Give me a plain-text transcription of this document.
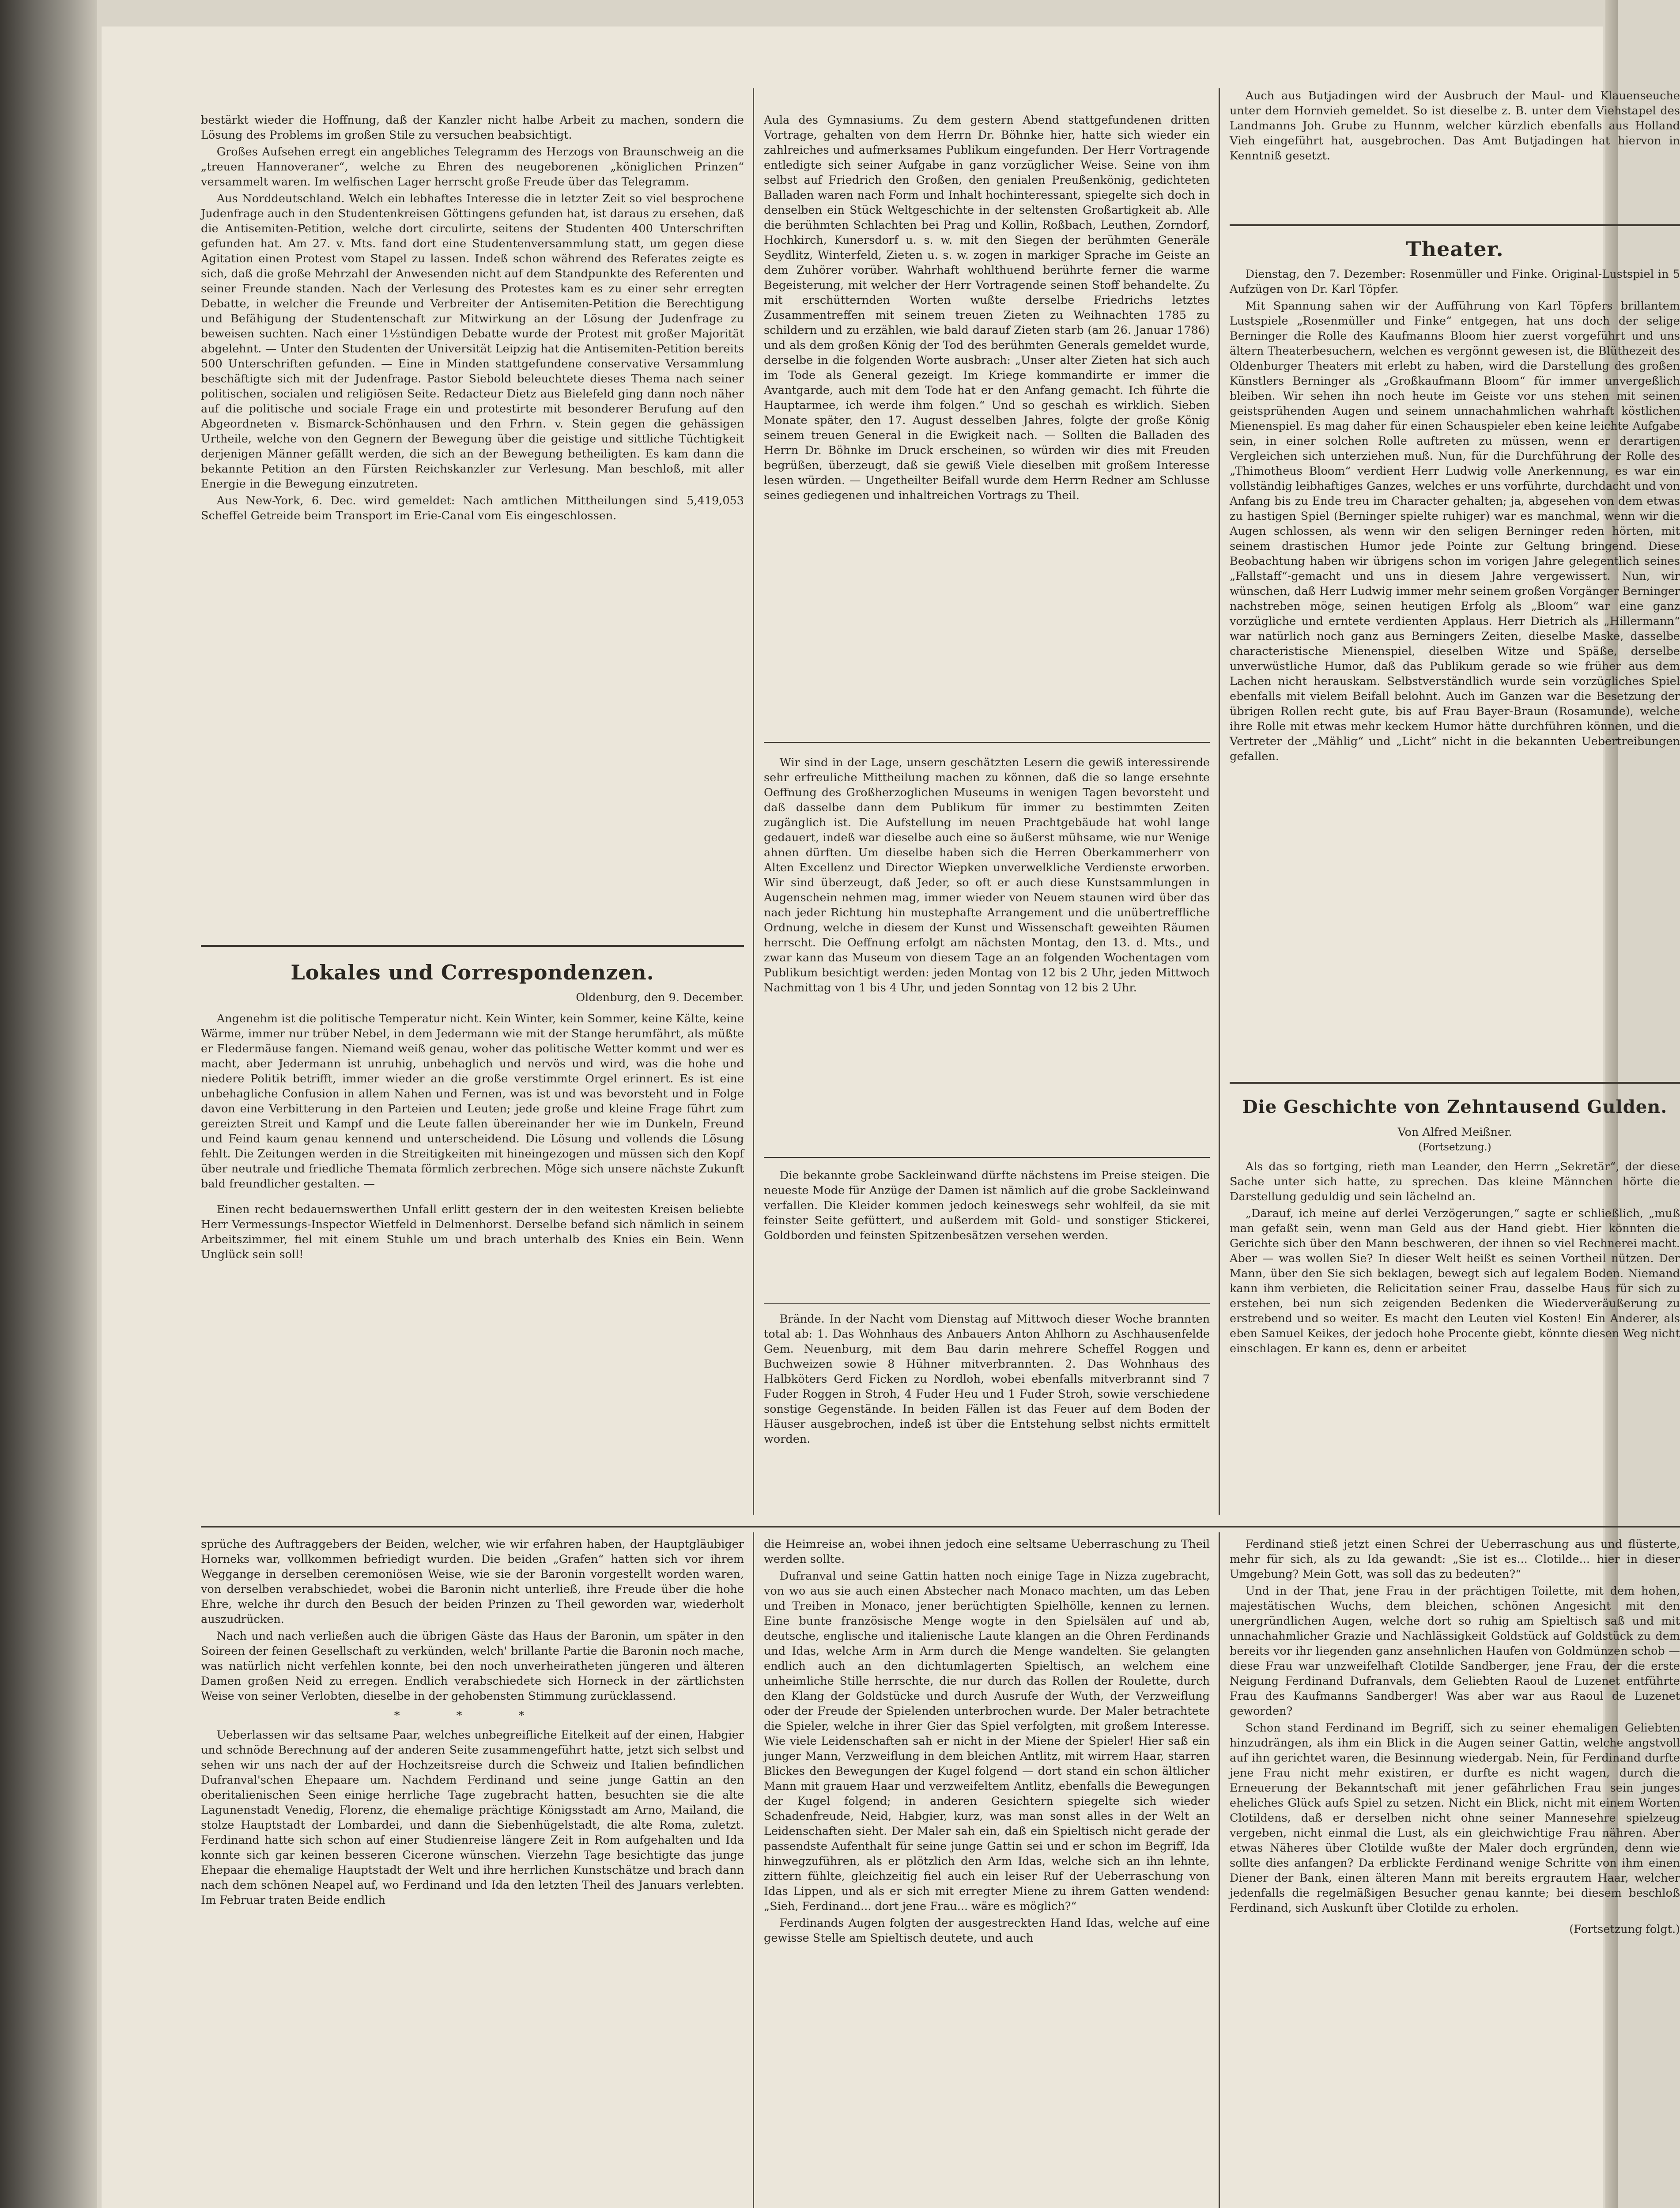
bestärkt wieder die Hoffnung, daß der Kanzler nicht halbe Arbeit zu machen, sondern die Lösung des Problems im großen Stile zu versuchen beabsichtigt.

Großes Aufsehen erregt ein angebliches Telegramm des Herzogs von Braunschweig an die „treuen Hannoveraner“, welche zu Ehren des neugeborenen „königlichen Prinzen“ versammelt waren. Im welfischen Lager herrscht große Freude über das Telegramm.

Aus Norddeutschland. Welch ein lebhaftes Interesse die in letzter Zeit so viel besprochene Judenfrage auch in den Studentenkreisen Göttingens gefunden hat, ist daraus zu ersehen, daß die Antisemiten-Petition, welche dort circulirte, seitens der Studenten 400 Unterschriften gefunden hat. Am 27. v. Mts. fand dort eine Studentenversammlung statt, um gegen diese Agitation einen Protest vom Stapel zu lassen. Indeß schon während des Referates zeigte es sich, daß die große Mehrzahl der Anwesenden nicht auf dem Standpunkte des Referenten und seiner Freunde standen. Nach der Verlesung des Protestes kam es zu einer sehr erregten Debatte, in welcher die Freunde und Verbreiter der Antisemiten-Petition die Berechtigung und Befähigung der Studentenschaft zur Mitwirkung an der Lösung der Judenfrage zu beweisen suchten. Nach einer 1½stündigen Debatte wurde der Protest mit großer Majorität abgelehnt. — Unter den Studenten der Universität Leipzig hat die Antisemiten-Petition bereits 500 Unterschriften gefunden. — Eine in Minden stattgefundene conservative Versammlung beschäftigte sich mit der Judenfrage. Pastor Siebold beleuchtete dieses Thema nach seiner politischen, socialen und religiösen Seite. Redacteur Dietz aus Bielefeld ging dann noch näher auf die politische und sociale Frage ein und protestirte mit besonderer Berufung auf den Abgeordneten v. Bismarck-Schönhausen und den Frhrn. v. Stein gegen die gehässigen Urtheile, welche von den Gegnern der Bewegung über die geistige und sittliche Tüchtigkeit derjenigen Männer gefällt werden, die sich an der Bewegung betheiligten. Es kam dann die bekannte Petition an den Fürsten Reichskanzler zur Verlesung. Man beschloß, mit aller Energie in die Bewegung einzutreten.

Aus New-York, 6. Dec. wird gemeldet: Nach amtlichen Mittheilungen sind 5,419,053 Scheffel Getreide beim Transport im Erie-Canal vom Eis eingeschlossen.

Lokales und Correspondenzen.
Oldenburg, den 9. December.

Angenehm ist die politische Temperatur nicht. Kein Winter, kein Sommer, keine Kälte, keine Wärme, immer nur trüber Nebel, in dem Jedermann wie mit der Stange herumfährt, als müßte er Fledermäuse fangen. Niemand weiß genau, woher das politische Wetter kommt und wer es macht, aber Jedermann ist unruhig, unbehaglich und nervös und wird, was die hohe und niedere Politik betrifft, immer wieder an die große verstimmte Orgel erinnert. Es ist eine unbehagliche Confusion in allem Nahen und Fernen, was ist und was bevorsteht und in Folge davon eine Verbitterung in den Parteien und Leuten; jede große und kleine Frage führt zum gereizten Streit und Kampf und die Leute fallen übereinander her wie im Dunkeln, Freund und Feind kaum genau kennend und unterscheidend. Die Lösung und vollends die Lösung fehlt. Die Zeitungen werden in die Streitigkeiten mit hineingezogen und müssen sich den Kopf über neutrale und friedliche Themata förmlich zerbrechen. Möge sich unsere nächste Zukunft bald freundlicher gestalten. —

Einen recht bedauernswerthen Unfall erlitt gestern der in den weitesten Kreisen beliebte Herr Vermessungs-Inspector Wietfeld in Delmenhorst. Derselbe befand sich nämlich in seinem Arbeitszimmer, fiel mit einem Stuhle um und brach unterhalb des Knies ein Bein. Wenn Unglück sein soll!

Aula des Gymnasiums. Zu dem gestern Abend stattgefundenen dritten Vortrage, gehalten von dem Herrn Dr. Böhnke hier, hatte sich wieder ein zahlreiches und aufmerksames Publikum eingefunden. Der Herr Vortragende entledigte sich seiner Aufgabe in ganz vorzüglicher Weise. Seine von ihm selbst auf Friedrich den Großen, den genialen Preußenkönig, gedichteten Balladen waren nach Form und Inhalt hochinteressant, spiegelte sich doch in denselben ein Stück Weltgeschichte in der seltensten Großartigkeit ab. Alle die berühmten Schlachten bei Prag und Kollin, Roßbach, Leuthen, Zorndorf, Hochkirch, Kunersdorf u. s. w. mit den Siegen der berühmten Generäle Seydlitz, Winterfeld, Zieten u. s. w. zogen in markiger Sprache im Geiste an dem Zuhörer vorüber. Wahrhaft wohlthuend berührte ferner die warme Begeisterung, mit welcher der Herr Vortragende seinen Stoff behandelte. Zu mit erschütternden Worten wußte derselbe Friedrichs letztes Zusammentreffen mit seinem treuen Zieten zu Weihnachten 1785 zu schildern und zu erzählen, wie bald darauf Zieten starb (am 26. Januar 1786) und als dem großen König der Tod des berühmten Generals gemeldet wurde, derselbe in die folgenden Worte ausbrach: „Unser alter Zieten hat sich auch im Tode als General gezeigt. Im Kriege kommandirte er immer die Avantgarde, auch mit dem Tode hat er den Anfang gemacht. Ich führte die Hauptarmee, ich werde ihm folgen.“ Und so geschah es wirklich. Sieben Monate später, den 17. August desselben Jahres, folgte der große König seinem treuen General in die Ewigkeit nach. — Sollten die Balladen des Herrn Dr. Böhnke im Druck erscheinen, so würden wir dies mit Freuden begrüßen, überzeugt, daß sie gewiß Viele dieselben mit großem Interesse lesen würden. — Ungetheilter Beifall wurde dem Herrn Redner am Schlusse seines gediegenen und inhaltreichen Vortrags zu Theil.

Wir sind in der Lage, unsern geschätzten Lesern die gewiß interessirende sehr erfreuliche Mittheilung machen zu können, daß die so lange ersehnte Oeffnung des Großherzoglichen Museums in wenigen Tagen bevorsteht und daß dasselbe dann dem Publikum für immer zu bestimmten Zeiten zugänglich ist. Die Aufstellung im neuen Prachtgebäude hat wohl lange gedauert, indeß war dieselbe auch eine so äußerst mühsame, wie nur Wenige ahnen dürften. Um dieselbe haben sich die Herren Oberkammerherr von Alten Excellenz und Director Wiepken unverwelkliche Verdienste erworben. Wir sind überzeugt, daß Jeder, so oft er auch diese Kunstsammlungen in Augenschein nehmen mag, immer wieder von Neuem staunen wird über das nach jeder Richtung hin mustерhafte Arrangement und die unübertreffliche Ordnung, welche in diesem der Kunst und Wissenschaft geweihten Räumen herrscht. Die Oeffnung erfolgt am nächsten Montag, den 13. d. Mts., und zwar kann das Museum von diesem Tage an an folgenden Wochentagen vom Publikum besichtigt werden: jeden Montag von 12 bis 2 Uhr, jeden Mittwoch Nachmittag von 1 bis 4 Uhr, und jeden Sonntag von 12 bis 2 Uhr.

Die bekannte grobe Sackleinwand dürfte nächstens im Preise steigen. Die neueste Mode für Anzüge der Damen ist nämlich auf die grobe Sackleinwand verfallen. Die Kleider kommen jedoch keineswegs sehr wohlfeil, da sie mit feinster Seite gefüttert, und außerdem mit Gold- und sonstiger Stickerei, Goldborden und feinsten Spitzenbesätzen versehen werden.

Brände. In der Nacht vom Dienstag auf Mittwoch dieser Woche brannten total ab: 1. Das Wohnhaus des Anbauers Anton Ahlhorn zu Aschhausenfelde Gem. Neuenburg, mit dem Bau darin mehrere Scheffel Roggen und Buchweizen sowie 8 Hühner mitverbrannten. 2. Das Wohnhaus des Halbköters Gerd Ficken zu Nordloh, wobei ebenfalls mitverbrannt sind 7 Fuder Roggen in Stroh, 4 Fuder Heu und 1 Fuder Stroh, sowie verschiedene sonstige Gegenstände. In beiden Fällen ist das Feuer auf dem Boden der Häuser ausgebrochen, indeß ist über die Entstehung selbst nichts ermittelt worden.

Auch aus Butjadingen wird der Ausbruch der Maul- und Klauenseuche unter dem Hornvieh gemeldet. So ist dieselbe z. B. unter dem Viehstapel des Landmanns Joh. Grube zu Hunnm, welcher kürzlich ebenfalls aus Holland Vieh eingeführt hat, ausgebrochen. Das Amt Butjadingen hat hiervon in Kenntniß gesetzt.

Theater.

Dienstag, den 7. Dezember: Rosenmüller und Finke. Original-Lustspiel in 5 Aufzügen von Dr. Karl Töpfer.

Mit Spannung sahen wir der Aufführung von Karl Töpfers brillantem Lustspiele „Rosenmüller und Finke“ entgegen, hat uns doch der selige Berninger die Rolle des Kaufmanns Bloom hier zuerst vorgeführt und uns ältern Theaterbesuchern, welchen es vergönnt gewesen ist, die Blüthezeit des Oldenburger Theaters mit erlebt zu haben, wird die Darstellung des großen Künstlers Berninger als „Großkaufmann Bloom“ für immer unvergeßlich bleiben. Wir sehen ihn noch heute im Geiste vor uns stehen mit seinen geistsprühenden Augen und seinem unnachahmlichen wahrhaft köstlichen Mienenspiel. Es mag daher für einen Schauspieler eben keine leichte Aufgabe sein, in einer solchen Rolle auftreten zu müssen, wenn er derartigen Vergleichen sich unterziehen muß. Nun, für die Durchführung der Rolle des „Thimotheus Bloom“ verdient Herr Ludwig volle Anerkennung, es war ein vollständig leibhaftiges Ganzes, welches er uns vorführte, durchdacht und von Anfang bis zu Ende treu im Character gehalten; ja, abgesehen von dem etwas zu hastigen Spiel (Berninger spielte ruhiger) war es manchmal, wenn wir die Augen schlossen, als wenn wir den seligen Berninger reden hörten, mit seinem drastischen Humor jede Pointe zur Geltung bringend. Diese Beobachtung haben wir übrigens schon im vorigen Jahre gelegentlich seines „Fallstaff“-gemacht und uns in diesem Jahre vergewissert. Nun, wir wünschen, daß Herr Ludwig immer mehr seinem großen Vorgänger Berninger nachstreben möge, seinen heutigen Erfolg als „Bloom“ war eine ganz vorzügliche und erntete verdienten Applaus. Herr Dietrich als „Hillermann“ war natürlich noch ganz aus Berningers Zeiten, dieselbe Maske, dasselbe characteristische Mienenspiel, dieselben Witze und Späße, derselbe unverwüstliche Humor, daß das Publikum gerade so wie früher aus dem Lachen nicht herauskam. Selbstverständlich wurde sein vorzügliches Spiel ebenfalls mit vielem Beifall belohnt. Auch im Ganzen war die Besetzung der übrigen Rollen recht gute, bis auf Frau Bayer-Braun (Rosamunde), welche ihre Rolle mit etwas mehr keckem Humor hätte durchführen können, und die Vertreter der „Mählig“ und „Licht“ nicht in die bekannten Uebertreibungen gefallen.

Die Geschichte von Zehntausend Gulden.
Von Alfred Meißner.
(Fortsetzung.)

Als das so fortging, rieth man Leander, den Herrn „Sekretär“, der diese Sache unter sich hatte, zu sprechen. Das kleine Männchen hörte die Darstellung geduldig und sein lächelnd an.

„Darauf, ich meine auf derlei Verzögerungen,“ sagte er schließlich, „muß man gefaßt sein, wenn man Geld aus der Hand giebt. Hier könnten die Gerichte sich über den Mann beschweren, der ihnen so viel Rechnerei macht. Aber — was wollen Sie? In dieser Welt heißt es seinen Vortheil nützen. Der Mann, über den Sie sich beklagen, bewegt sich auf legalem Boden. Niemand kann ihm verbieten, die Relicitation seiner Frau, dasselbe Haus für sich zu erstehen, bei nun sich zeigenden Bedenken die Wiederveräußerung zu erstrebend und so weiter. Es macht den Leuten viel Kosten! Ein Anderer, als eben Samuel Keikes, der jedoch hohe Procente giebt, könnte diesen Weg nicht einschlagen. Er kann es, denn er arbeitet

sprüche des Auftraggebers der Beiden, welcher, wie wir erfahren haben, der Hauptgläubiger Horneks war, vollkommen befriedigt wurden. Die beiden „Grafen“ hatten sich vor ihrem Weggange in derselben ceremoniösen Weise, wie sie der Baronin vorgestellt worden waren, von derselben verabschiedet, wobei die Baronin nicht unterließ, ihre Freude über die hohe Ehre, welche ihr durch den Besuch der beiden Prinzen zu Theil geworden war, wiederholt auszudrücken.

Nach und nach verließen auch die übrigen Gäste das Haus der Baronin, um später in den Soireen der feinen Gesellschaft zu verkünden, welch' brillante Partie die Baronin noch mache, was natürlich nicht verfehlen konnte, bei den noch unverheiratheten jüngeren und älteren Damen großen Neid zu erregen. Endlich verabschiedete sich Horneck in der zärtlichsten Weise von seiner Verlobten, dieselbe in der gehobensten Stimmung zurücklassend.

* * *

Ueberlassen wir das seltsame Paar, welches unbegreifliche Eitelkeit auf der einen, Habgier und schnöde Berechnung auf der anderen Seite zusammengeführt hatte, jetzt sich selbst und sehen wir uns nach der auf der Hochzeitsreise durch die Schweiz und Italien befindlichen Dufranval'schen Ehepaare um. Nachdem Ferdinand und seine junge Gattin an den oberitalienischen Seen einige herrliche Tage zugebracht hatten, besuchten sie die alte Lagunenstadt Venedig, Florenz, die ehemalige prächtige Königsstadt am Arno, Mailand, die stolze Hauptstadt der Lombardei, und dann die Siebenhügelstadt, die alte Roma, zuletzt. Ferdinand hatte sich schon auf einer Studienreise längere Zeit in Rom aufgehalten und Ida konnte sich gar keinen besseren Cicerone wünschen. Vierzehn Tage besichtigte das junge Ehepaar die ehemalige Hauptstadt der Welt und ihre herrlichen Kunstschätze und brach dann nach dem schönen Neapel auf, wo Ferdinand und Ida den letzten Theil des Januars verlebten. Im Februar traten Beide endlich

die Heimreise an, wobei ihnen jedoch eine seltsame Ueberraschung zu Theil werden sollte.

Dufranval und seine Gattin hatten noch einige Tage in Nizza zugebracht, von wo aus sie auch einen Abstecher nach Monaco machten, um das Leben und Treiben in Monaco, jener berüchtigten Spielhölle, kennen zu lernen. Eine bunte französische Menge wogte in den Spielsälen auf und ab, deutsche, englische und italienische Laute klangen an die Ohren Ferdinands und Idas, welche Arm in Arm durch die Menge wandelten. Sie gelangten endlich auch an den dichtumlagerten Spieltisch, an welchem eine unheimliche Stille herrschte, die nur durch das Rollen der Roulette, durch den Klang der Goldstücke und durch Ausrufe der Wuth, der Verzweiflung oder der Freude der Spielenden unterbrochen wurde. Der Maler betrachtete die Spieler, welche in ihrer Gier das Spiel verfolgten, mit großem Interesse. Wie viele Leidenschaften sah er nicht in der Miene der Spieler! Hier saß ein junger Mann, Verzweiflung in dem bleichen Antlitz, mit wirrem Haar, starren Blickes den Bewegungen der Kugel folgend — dort stand ein schon ältlicher Mann mit grauem Haar und verzweifeltem Antlitz, ebenfalls die Bewegungen der Kugel folgend; in anderen Gesichtern spiegelte sich wieder Schadenfreude, Neid, Habgier, kurz, was man sonst alles in der Welt an Leidenschaften sieht. Der Maler sah ein, daß ein Spieltisch nicht gerade der passendste Aufenthalt für seine junge Gattin sei und er schon im Begriff, Ida hinwegzuführen, als er plötzlich den Arm Idas, welche sich an ihn lehnte, zittern fühlte, gleichzeitig fiel auch ein leiser Ruf der Ueberraschung von Idas Lippen, und als er sich mit erregter Miene zu ihrem Gatten wendend: „Sieh, Ferdinand... dort jene Frau... wäre es möglich?“

Ferdinands Augen folgten der ausgestreckten Hand Idas, welche auf eine gewisse Stelle am Spieltisch deutete, und auch

Ferdinand stieß jetzt einen Schrei der Ueberraschung aus und flüsterte, mehr für sich, als zu Ida gewandt: „Sie ist es... Clotilde... hier in dieser Umgebung? Mein Gott, was soll das zu bedeuten?“

Und in der That, jene Frau in der prächtigen Toilette, mit dem hohen, majestätischen Wuchs, dem bleichen, schönen Angesicht mit den unergründlichen Augen, welche dort so ruhig am Spieltisch saß und mit unnachahmlicher Grazie und Nachlässigkeit Goldstück auf Goldstück zu dem bereits vor ihr liegenden ganz ansehnlichen Haufen von Goldmünzen schob — diese Frau war unzweifelhaft Clotilde Sandberger, jene Frau, der die erste Neigung Ferdinand Dufranvals, dem Geliebten Raoul de Luzenet entführte Frau des Kaufmanns Sandberger! Was aber war aus Raoul de Luzenet geworden?

Schon stand Ferdinand im Begriff, sich zu seiner ehemaligen Geliebten hinzudrängen, als ihm ein Blick in die Augen seiner Gattin, welche angstvoll auf ihn gerichtet waren, die Besinnung wiedergab. Nein, für Ferdinand durfte jene Frau nicht mehr existiren, er durfte es nicht wagen, durch die Erneuerung der Bekanntschaft mit jener gefährlichen Frau sein junges eheliches Glück aufs Spiel zu setzen. Nicht ein Blick, nicht mit einem Worten Clotildens, daß er derselben nicht ohne seiner Mannesehre spielzeug vergeben, nicht einmal die Lust, als ein gleichwichtige Frau nähren. Aber etwas Näheres über Clotilde wußte der Maler doch ergründen, denn wie sollte dies anfangen? Da erblickte Ferdinand wenige Schritte von ihm einen Diener der Bank, einen älteren Mann mit bereits ergrautem Haar, welcher jedenfalls die regelmäßigen Besucher genau kannte; bei diesem beschloß Ferdinand, sich Auskunft über Clotilde zu erholen.

(Fortsetzung folgt.)
